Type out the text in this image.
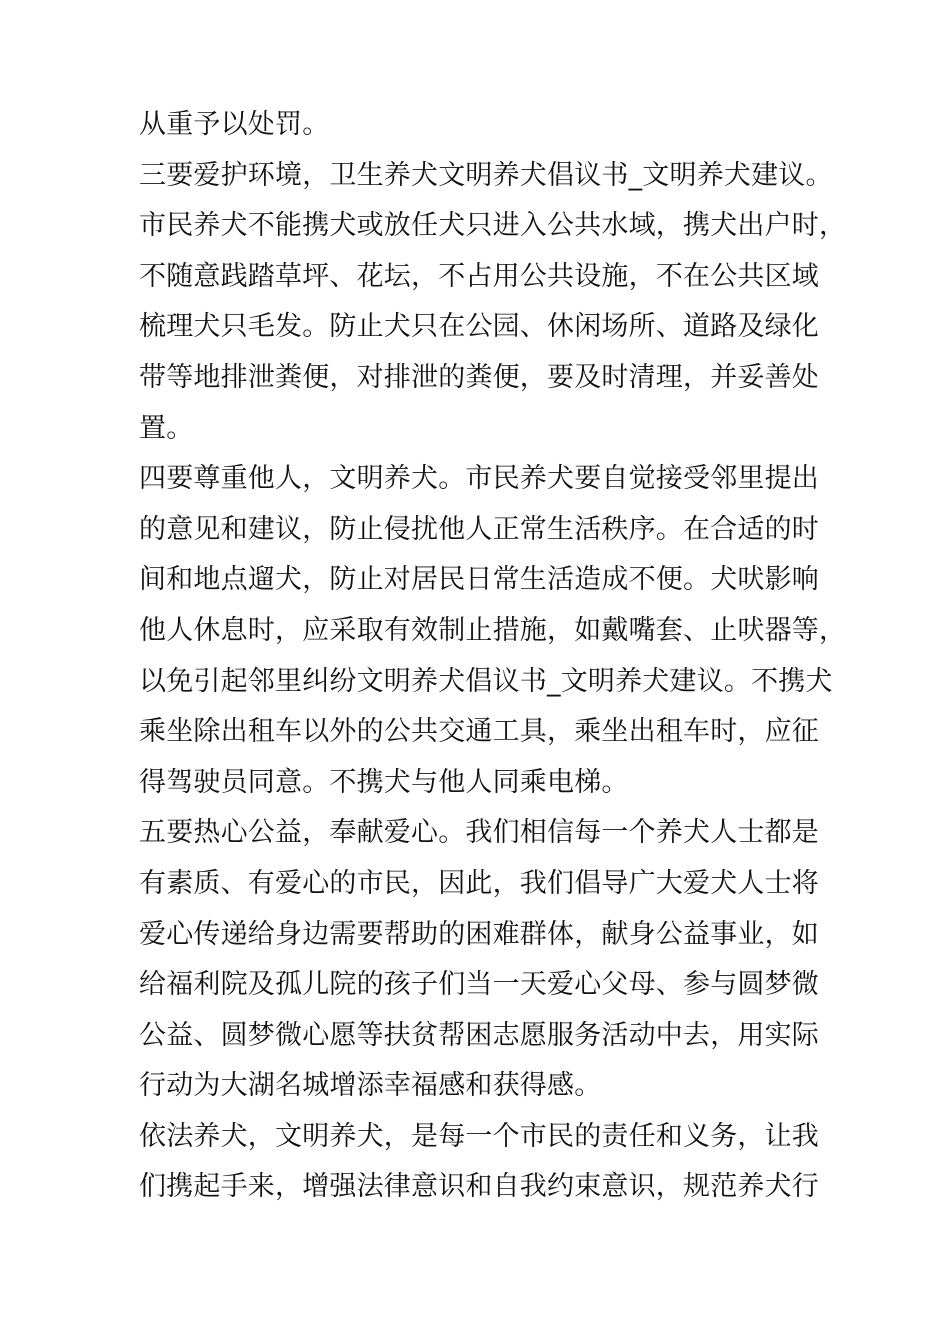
从重予以处罚。
三要爱护环境，卫生养犬文明养犬倡议书_文明养犬建议。
市民养犬不能携犬或放任犬只进入公共水域，携犬出户时，
不随意践踏草坪、花坛，不占用公共设施，不在公共区域
梳理犬只毛发。防止犬只在公园、休闲场所、道路及绿化
带等地排泄粪便，对排泄的粪便，要及时清理，并妥善处
置。
四要尊重他人，文明养犬。市民养犬要自觉接受邻里提出
的意见和建议，防止侵扰他人正常生活秩序。在合适的时
间和地点遛犬，防止对居民日常生活造成不便。犬吠影响
他人休息时，应采取有效制止措施，如戴嘴套、止吠器等，
以免引起邻里纠纷文明养犬倡议书_文明养犬建议。不携犬
乘坐除出租车以外的公共交通工具，乘坐出租车时，应征
得驾驶员同意。不携犬与他人同乘电梯。
五要热心公益，奉献爱心。我们相信每一个养犬人士都是
有素质、有爱心的市民，因此，我们倡导广大爱犬人士将
爱心传递给身边需要帮助的困难群体，献身公益事业，如
给福利院及孤儿院的孩子们当一天爱心父母、参与圆梦微
公益、圆梦微心愿等扶贫帮困志愿服务活动中去，用实际
行动为大湖名城增添幸福感和获得感。
依法养犬，文明养犬，是每一个市民的责任和义务，让我
们携起手来，增强法律意识和自我约束意识，规范养犬行
